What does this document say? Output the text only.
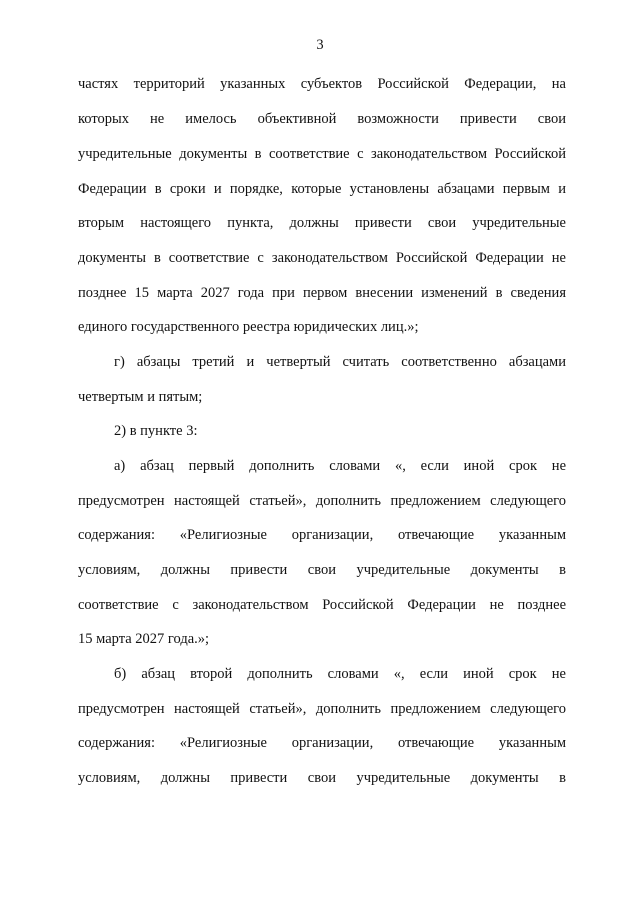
3
частях территорий указанных субъектов Российской Федерации, на
которых не имелось объективной возможности привести свои
учредительные документы в соответствие с законодательством Российской
Федерации в сроки и порядке, которые установлены абзацами первым и
вторым настоящего пункта, должны привести свои учредительные
документы в соответствие с законодательством Российской Федерации не
позднее 15 марта 2027 года при первом внесении изменений в сведения
единого государственного реестра юридических лиц.»;
г) абзацы третий и четвертый считать соответственно абзацами
четвертым и пятым;
2) в пункте 3:
а) абзац первый дополнить словами «, если иной срок не
предусмотрен настоящей статьей», дополнить предложением следующего
содержания: «Религиозные организации, отвечающие указанным
условиям, должны привести свои учредительные документы в
соответствие с законодательством Российской Федерации не позднее
15 марта 2027 года.»;
б) абзац второй дополнить словами «, если иной срок не
предусмотрен настоящей статьей», дополнить предложением следующего
содержания: «Религиозные организации, отвечающие указанным
условиям, должны привести свои учредительные документы в
